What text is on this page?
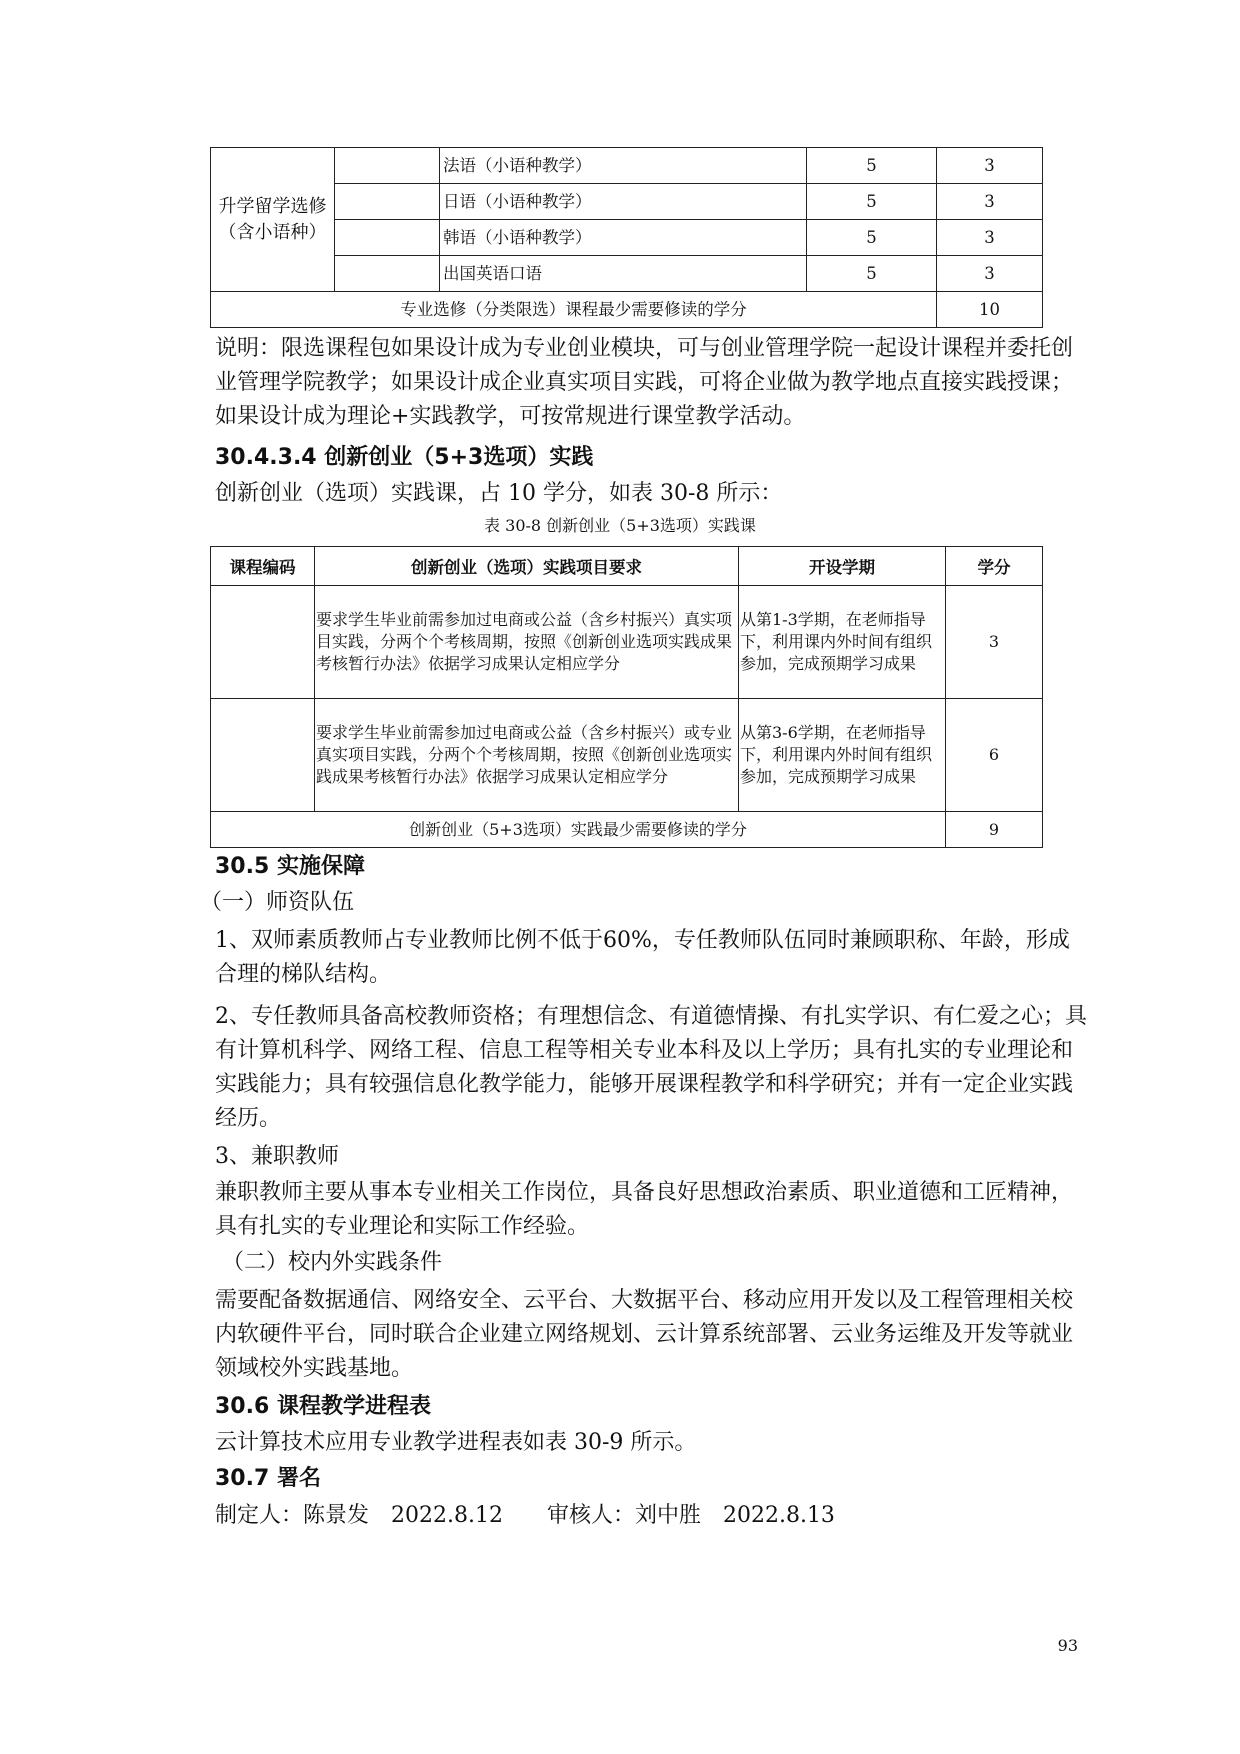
升学留学选修（含小语种）		法语（小语种教学）	5	3
		日语（小语种教学）	5	3
		韩语（小语种教学）	5	3
		出国英语口语	5	3
专业选修（分类限选）课程最少需要修读的学分				10

说明：限选课程包如果设计成为专业创业模块，可与创业管理学院一起设计课程并委托创业管理学院教学；如果设计成企业真实项目实践，可将企业做为教学地点直接实践授课；如果设计成为理论+实践教学，可按常规进行课堂教学活动。

30.4.3.4 创新创业（5+3选项）实践

创新创业（选项）实践课，占 10 学分，如表 30-8 所示：

表 30-8 创新创业（5+3选项）实践课
课程编码	创新创业（选项）实践项目要求	开设学期	学分
	要求学生毕业前需参加过电商或公益（含乡村振兴）真实项目实践，分两个个考核周期，按照《创新创业选项实践成果考核暂行办法》依据学习成果认定相应学分	从第1-3学期，在老师指导下，利用课内外时间有组织参加，完成预期学习成果	3
	要求学生毕业前需参加过电商或公益（含乡村振兴）或专业真实项目实践，分两个个考核周期，按照《创新创业选项实践成果考核暂行办法》依据学习成果认定相应学分	从第3-6学期，在老师指导下，利用课内外时间有组织参加，完成预期学习成果	6
创新创业（5+3选项）实践最少需要修读的学分			9

30.5 实施保障

（一）师资队伍

1、双师素质教师占专业教师比例不低于60%，专任教师队伍同时兼顾职称、年龄，形成合理的梯队结构。

2、专任教师具备高校教师资格；有理想信念、有道德情操、有扎实学识、有仁爱之心；具有计算机科学、网络工程、信息工程等相关专业本科及以上学历；具有扎实的专业理论和实践能力；具有较强信息化教学能力，能够开展课程教学和科学研究；并有一定企业实践经历。

3、兼职教师

兼职教师主要从事本专业相关工作岗位，具备良好思想政治素质、职业道德和工匠精神，具有扎实的专业理论和实际工作经验。

（二）校内外实践条件

需要配备数据通信、网络安全、云平台、大数据平台、移动应用开发以及工程管理相关校内软硬件平台，同时联合企业建立网络规划、云计算系统部署、云业务运维及开发等就业领域校外实践基地。

30.6 课程教学进程表

云计算技术应用专业教学进程表如表 30-9 所示。

30.7 署名

制定人：陈景发　2022.8.12　　审核人：刘中胜　2022.8.13

93
